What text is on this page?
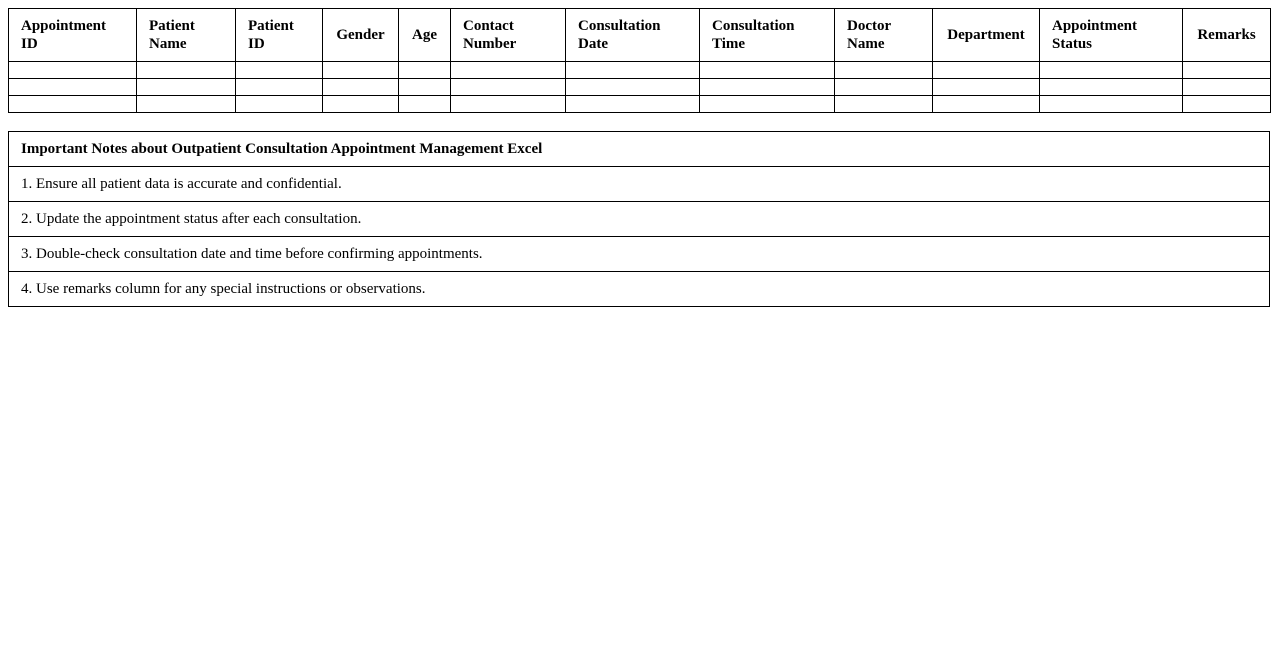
Appointment ID	Patient Name	Patient ID	Gender	Age	Contact Number	Consultation Date	Consultation Time	Doctor Name	Department	Appointment Status	Remarks

Important Notes about Outpatient Consultation Appointment Management Excel
1. Ensure all patient data is accurate and confidential.
2. Update the appointment status after each consultation.
3. Double-check consultation date and time before confirming appointments.
4. Use remarks column for any special instructions or observations.
